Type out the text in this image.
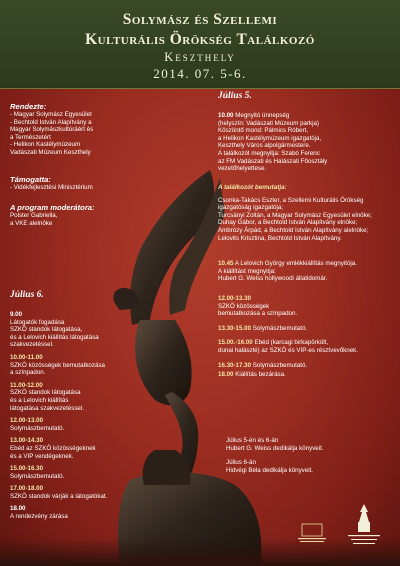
Solymász és Szellemi
Kulturális Örökség Találkozó
Keszthely
2014. 07. 5-6.
Rendezte:
- Magyar Solymász Egyesület
- Bechtold István Alapítvány a
Magyar Solymászkultúráért és
a Természetért
- Helikon Kastélymúzeum
Vadászati Múzeum Keszthely
Támogatta:
- Vidékfejlesztési Minisztérium
A program moderátora:
Polster Gabriella,
a VKE alelnöke
Július 6.
9.00
Látogatók fogadása
SZKÖ standok látogatása,
és a Lelovich kiállítás látogatása
szakvezetéssel.
10.00-11.00
SZKÖ közösségek bemutatkozása
a színpadon.
11.00-12.00
SZKÖ standok látogatása
és a Lelovich kiállítás
látogatása szakvezetéssel.
12.00-13.00
Solymászbemutató.
13.00-14.30
Ebéd az SZKÖ közösségeknek
és a VIP vendégeknek.
15.00-16.30
Solymászbemutató.
17.00-18.00
SZKÖ standok várják a látogatókat.
18.00
A rendezvény zárása
Július 5.
10.00 Megnyitó ünnepség
(helyszín: Vadászati Múzeum parkja)
Köszöntő mond: Pálmics Róbert,
a Helikon Kastélymúzeum igazgatója,
Keszthely Város alpolgármestere.
A találkozót megnyitja: Szabó Ferenc
az FM Vadászati és Halászati Főosztály
vezetőhelyettese.
A találkozót bemutatja:
Csonka-Takács Eszter, a Szellemi Kulturális Örökség
igazgatóság igazgatója;
Turcsányi Zoltán, a Magyar Solymász Egyesület elnöke;
Duhay Gábor, a Bechtold István Alapítvány elnöke;
Ambrózy Árpád, a Bechtold István Alapítvány alelnöke;
Lelovits Krisztina, Bechtold István Alapítvány.
10.45 A Lelovich György emlékkiállítás megnyitója.
A kiállítást megnyitja:
Hubert G. Weiss hollywoodi állatidomár.
12.00-13.30
SZKÖ közösségek
bemutatkozása a színpadon.
13.30-15.00 Solymászbemutató.
15.00.-16.00 Ebéd (karcagi birkapörkölt,
dunai halászlé) az SZKÖ és VIP-es résztvevőknek.
16.30-17.30 Solymászbemutató.
18.00 Kiállítás bezárása.
Július 5-én és 6-án
Hubert G. Weiss dedikálja könyveit.
Július 6-án
Hidvégi Béla dedikálja könyveit.
